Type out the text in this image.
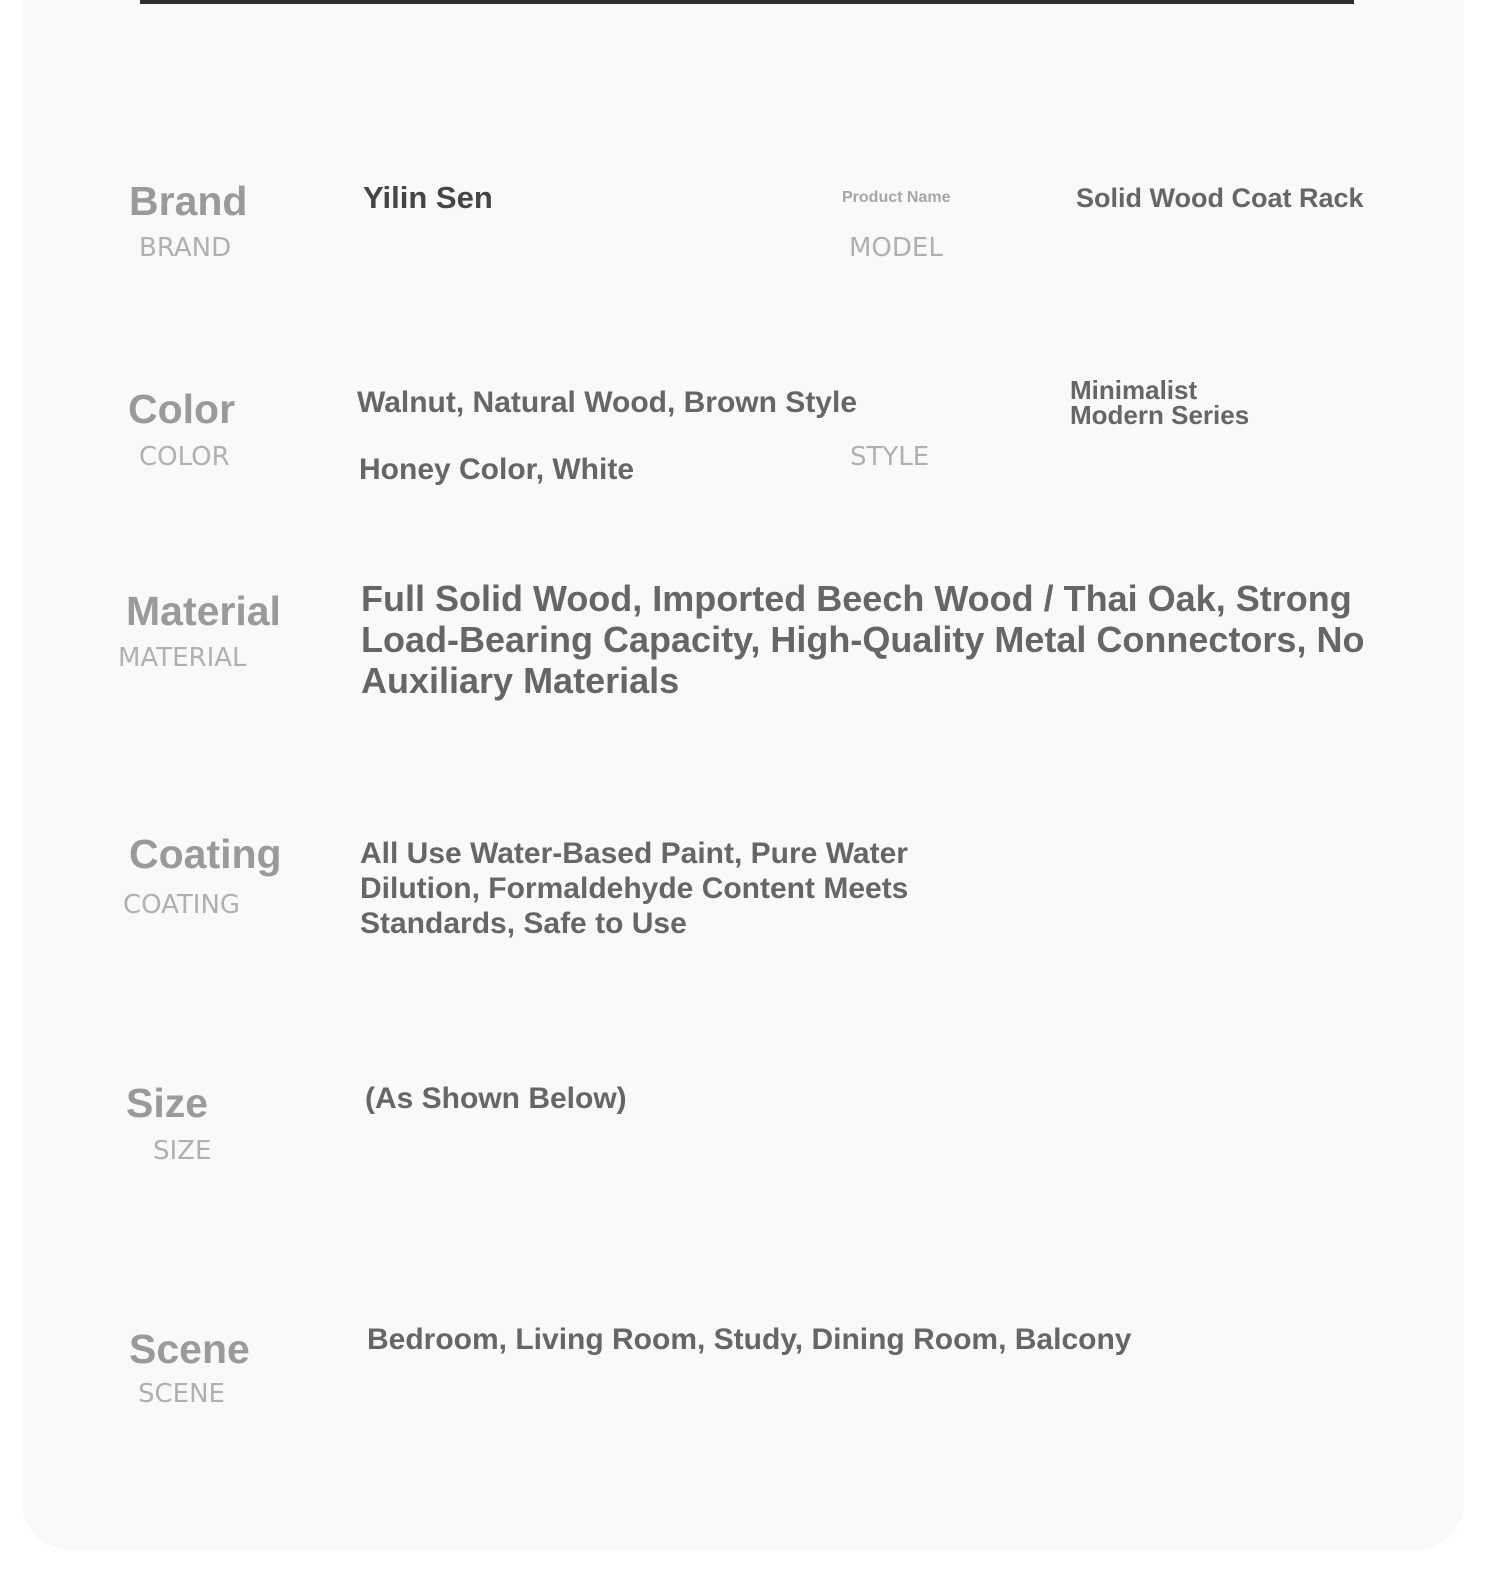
Brand
BRAND
Yilin Sen	Product Name
MODEL
Solid Wood Coat Rack
Color
COLOR
Walnut, Natural Wood, Brown Style
Honey Color, White	STYLE
Minimalist
Modern Series
Material
MATERIAL
Full Solid Wood, Imported Beech Wood / Thai Oak, Strong Load-Bearing Capacity, High-Quality Metal Connectors, No Auxiliary Materials
Coating
COATING
All Use Water-Based Paint, Pure Water Dilution, Formaldehyde Content Meets Standards, Safe to Use
Size
SIZE
(As Shown Below)
Scene
SCENE
Bedroom, Living Room, Study, Dining Room, Balcony
